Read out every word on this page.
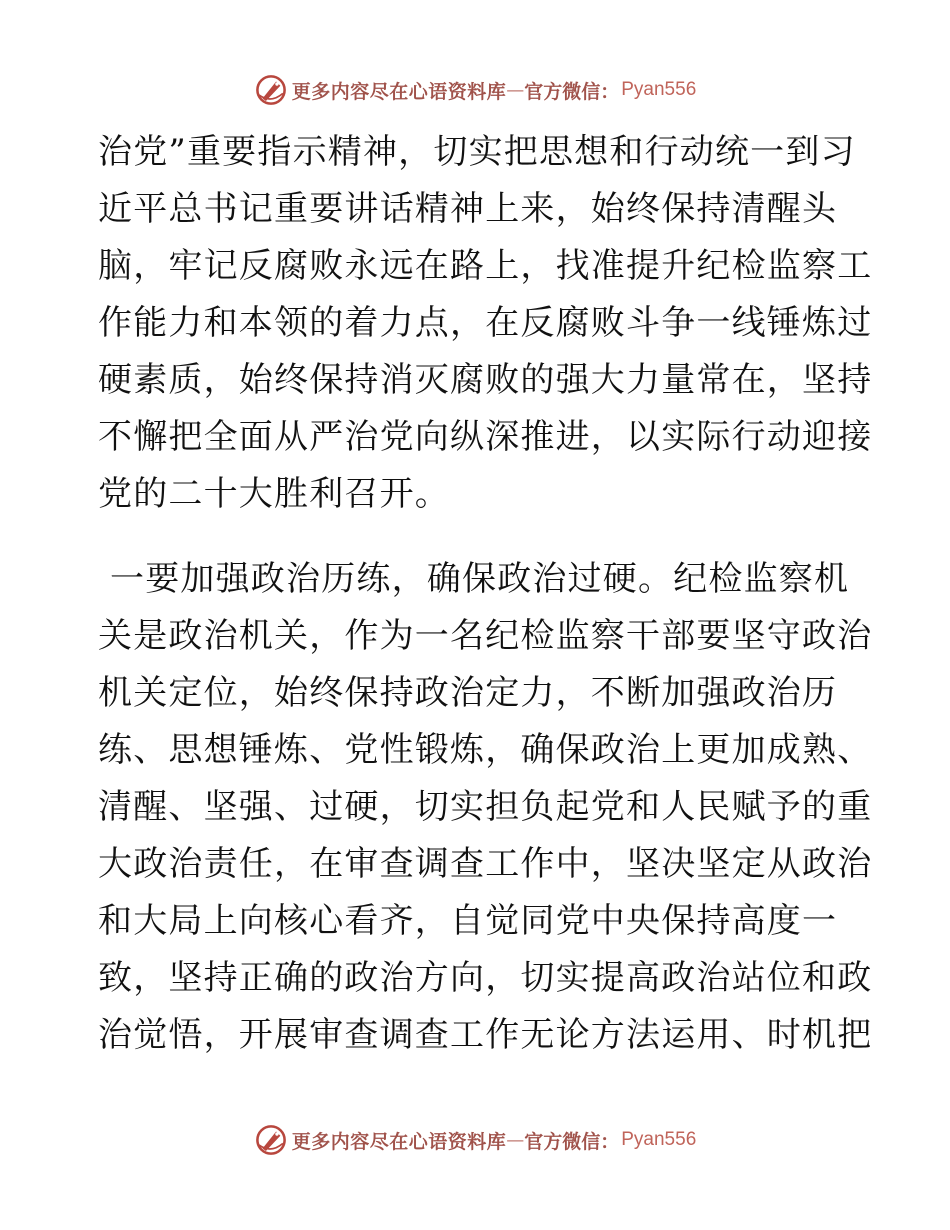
更多内容尽在心语资料库 — 官方微信： Pyan556

治党”重要指示精神，切实把思想和行动统一到习
近平总书记重要讲话精神上来，始终保持清醒头
脑，牢记反腐败永远在路上，找准提升纪检监察工
作能力和本领的着力点，在反腐败斗争一线锤炼过
硬素质，始终保持消灭腐败的强大力量常在，坚持
不懈把全面从严治党向纵深推进，以实际行动迎接
党的二十大胜利召开。

一要加强政治历练，确保政治过硬。纪检监察机
关是政治机关，作为一名纪检监察干部要坚守政治
机关定位，始终保持政治定力，不断加强政治历
练、思想锤炼、党性锻炼，确保政治上更加成熟、
清醒、坚强、过硬，切实担负起党和人民赋予的重
大政治责任，在审查调查工作中，坚决坚定从政治
和大局上向核心看齐，自觉同党中央保持高度一
致，坚持正确的政治方向，切实提高政治站位和政
治觉悟，开展审查调查工作无论方法运用、时机把

更多内容尽在心语资料库 — 官方微信： Pyan556
